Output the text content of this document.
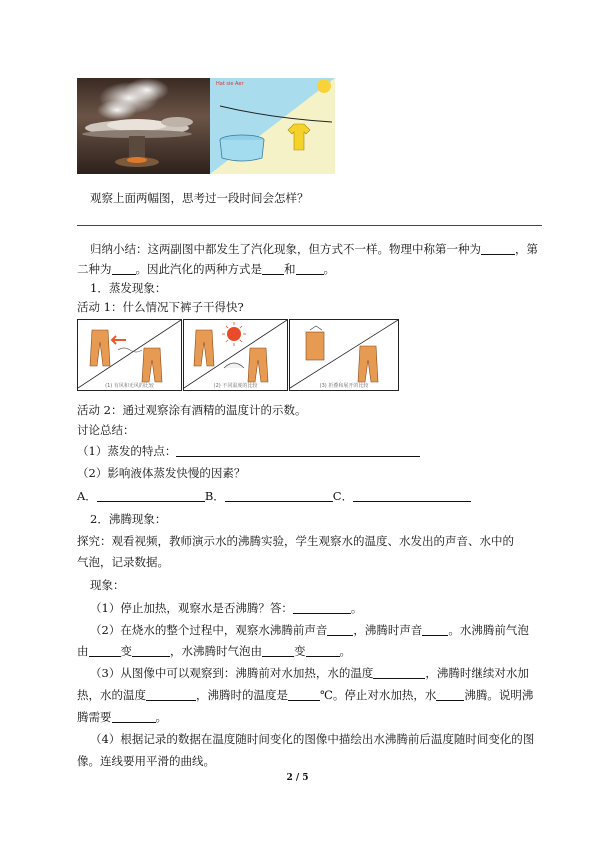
Hat sie Aer
观察上面两幅图，思考过一段时间会怎样？
归纳小结：这两副图中都发生了汽化现象，但方式不一样。物理中称第一种为	，第
二种为 。因此汽化的两种方式是 和 。
1．蒸发现象：
活动 1：什么情况下裤子干得快?
(1) 有风和无风的比较	(2) 不同温度的比较	(3) 折叠和展开的比较
活动 2：通过观察涂有酒精的温度计的示数。
讨论总结：
（1）蒸发的特点：
（2）影响液体蒸发快慢的因素？
A．	B．	C．
2．沸腾现象：
探究：观看视频，教师演示水的沸腾实验，学生观察水的温度、水发出的声音、水中的
气泡，记录数据。
现象：
（1）停止加热，观察水是否沸腾？答：	。
（2）在烧水的整个过程中，观察水沸腾前声音 ，沸腾时声音 。水沸腾前气泡
由	变	，水沸腾时气泡由	变	。
（3）从图像中可以观察到：沸腾前对水加热，水的温度	，沸腾时继续对水加
热，水的温度	，沸腾时的温度是	℃。停止对水加热，水 沸腾。说明沸
腾需要	。
（4）根据记录的数据在温度随时间变化的图像中描绘出水沸腾前后温度随时间变化的图
像。连线要用平滑的曲线。
2 / 5
